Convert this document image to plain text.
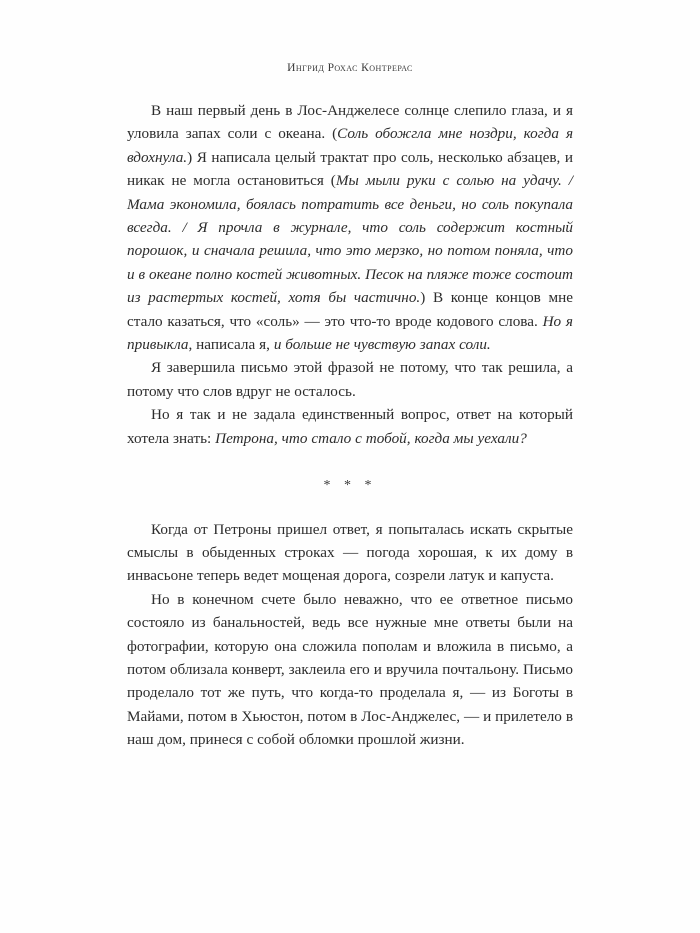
Ингрид Рохас Контрерас

В наш первый день в Лос-Анджелесе солнце слепило глаза, и я уловила запах соли с океана. (Соль обожгла мне ноздри, когда я вдохнула.) Я написала целый трактат про соль, несколько абзацев, и никак не могла остановиться (Мы мыли руки с солью на удачу. / Мама экономила, боялась потратить все деньги, но соль покупала всегда. / Я прочла в журнале, что соль содержит костный порошок, и сначала решила, что это мерзко, но потом поняла, что и в океане полно костей животных. Песок на пляже тоже состоит из растертых костей, хотя бы частично.) В конце концов мне стало казаться, что «соль» — это что-то вроде кодового слова. Но я привыкла, написала я, и больше не чувствую запах соли.

Я завершила письмо этой фразой не потому, что так решила, а потому что слов вдруг не осталось.

Но я так и не задала единственный вопрос, ответ на который хотела знать: Петрона, что стало с тобой, когда мы уехали?

* * *

Когда от Петроны пришел ответ, я попыталась искать скрытые смыслы в обыденных строках — погода хорошая, к их дому в инвасьоне теперь ведет мощеная дорога, созрели латук и капуста.

Но в конечном счете было неважно, что ее ответное письмо состояло из банальностей, ведь все нужные мне ответы были на фотографии, которую она сложила пополам и вложила в письмо, а потом облизала конверт, заклеила его и вручила почтальону. Письмо проделало тот же путь, что когда-то проделала я, — из Боготы в Майами, потом в Хьюстон, потом в Лос-Анджелес, — и прилетело в наш дом, принеся с собой обломки прошлой жизни.
